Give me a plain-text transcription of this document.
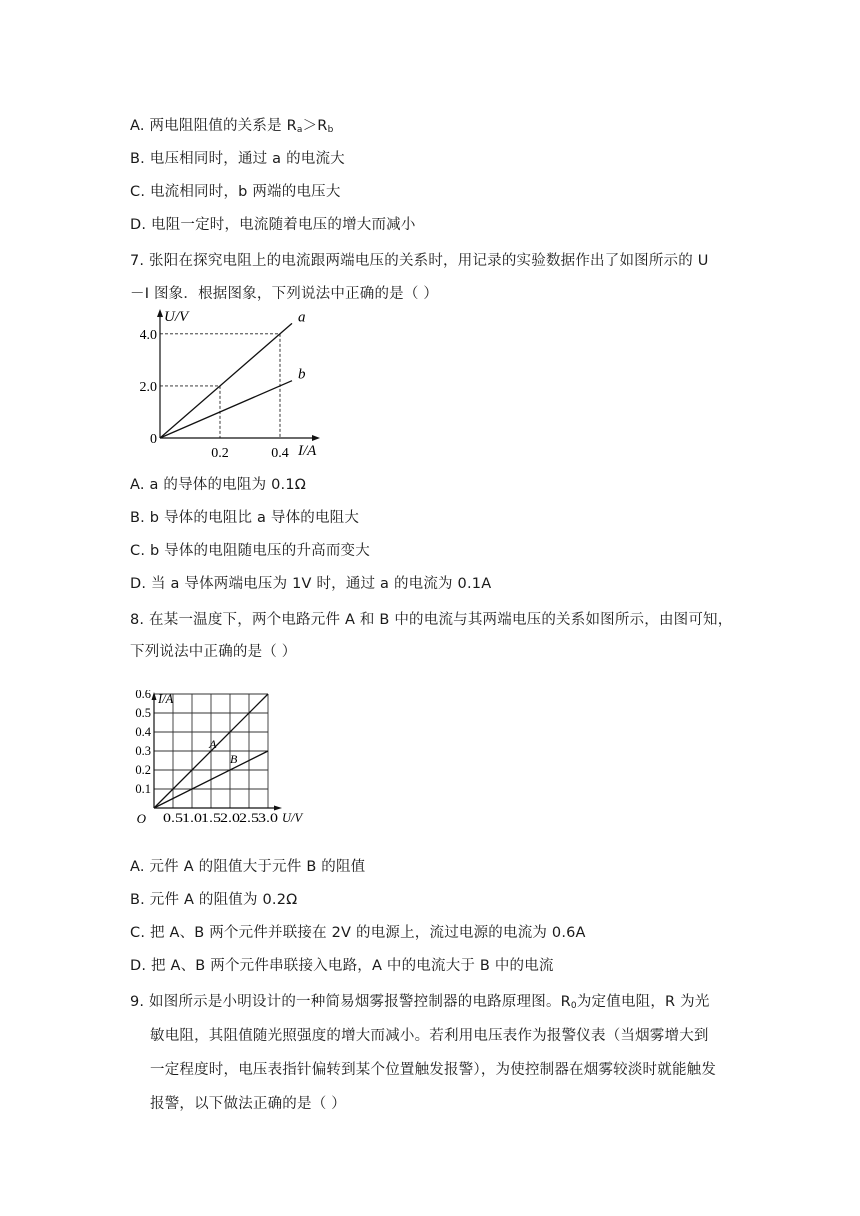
A. 两电阻阻值的关系是 $R_a>R_b$
B. 电压相同时，通过 a 的电流大
C. 电流相同时，b 两端的电压大
D. 电阻一定时，电流随着电压的增大而减小
7. 张阳在探究电阻上的电流跟两端电压的关系时，用记录的实验数据作出了如图所示的 U
－I 图象．根据图象，下列说法中正确的是（ ）
a
b
2.0
4.0
0.2	0.4
0
U/V
I/A
A. a 的导体的电阻为 0.1Ω
B. b 导体的电阻比 a 导体的电阻大
C. b 导体的电阻随电压的升高而变大
D. 当 a 导体两端电压为 1V 时，通过 a 的电流为 0.1A
8. 在某一温度下，两个电路元件 A 和 B 中的电流与其两端电压的关系如图所示，由图可知，
下列说法中正确的是（ ）
A
B
0.1
0.2
0.3
0.4
0.5
0.6
0.5 1.0 1.5 2.0 2.5 3.0
O
I/A
U/V
A. 元件 A 的阻值大于元件 B 的阻值
B. 元件 A 的阻值为 0.2Ω
C. 把 A、B 两个元件并联接在 2V 的电源上，流过电源的电流为 0.6A
D. 把 A、B 两个元件串联接入电路，A 中的电流大于 B 中的电流
9. 如图所示是小明设计的一种简易烟雾报警控制器的电路原理图。$R_0$为定值电阻，R 为光
敏电阻，其阻值随光照强度的增大而减小。若利用电压表作为报警仪表（当烟雾增大到
一定程度时，电压表指针偏转到某个位置触发报警），为使控制器在烟雾较淡时就能触发
报警，以下做法正确的是（ ）
